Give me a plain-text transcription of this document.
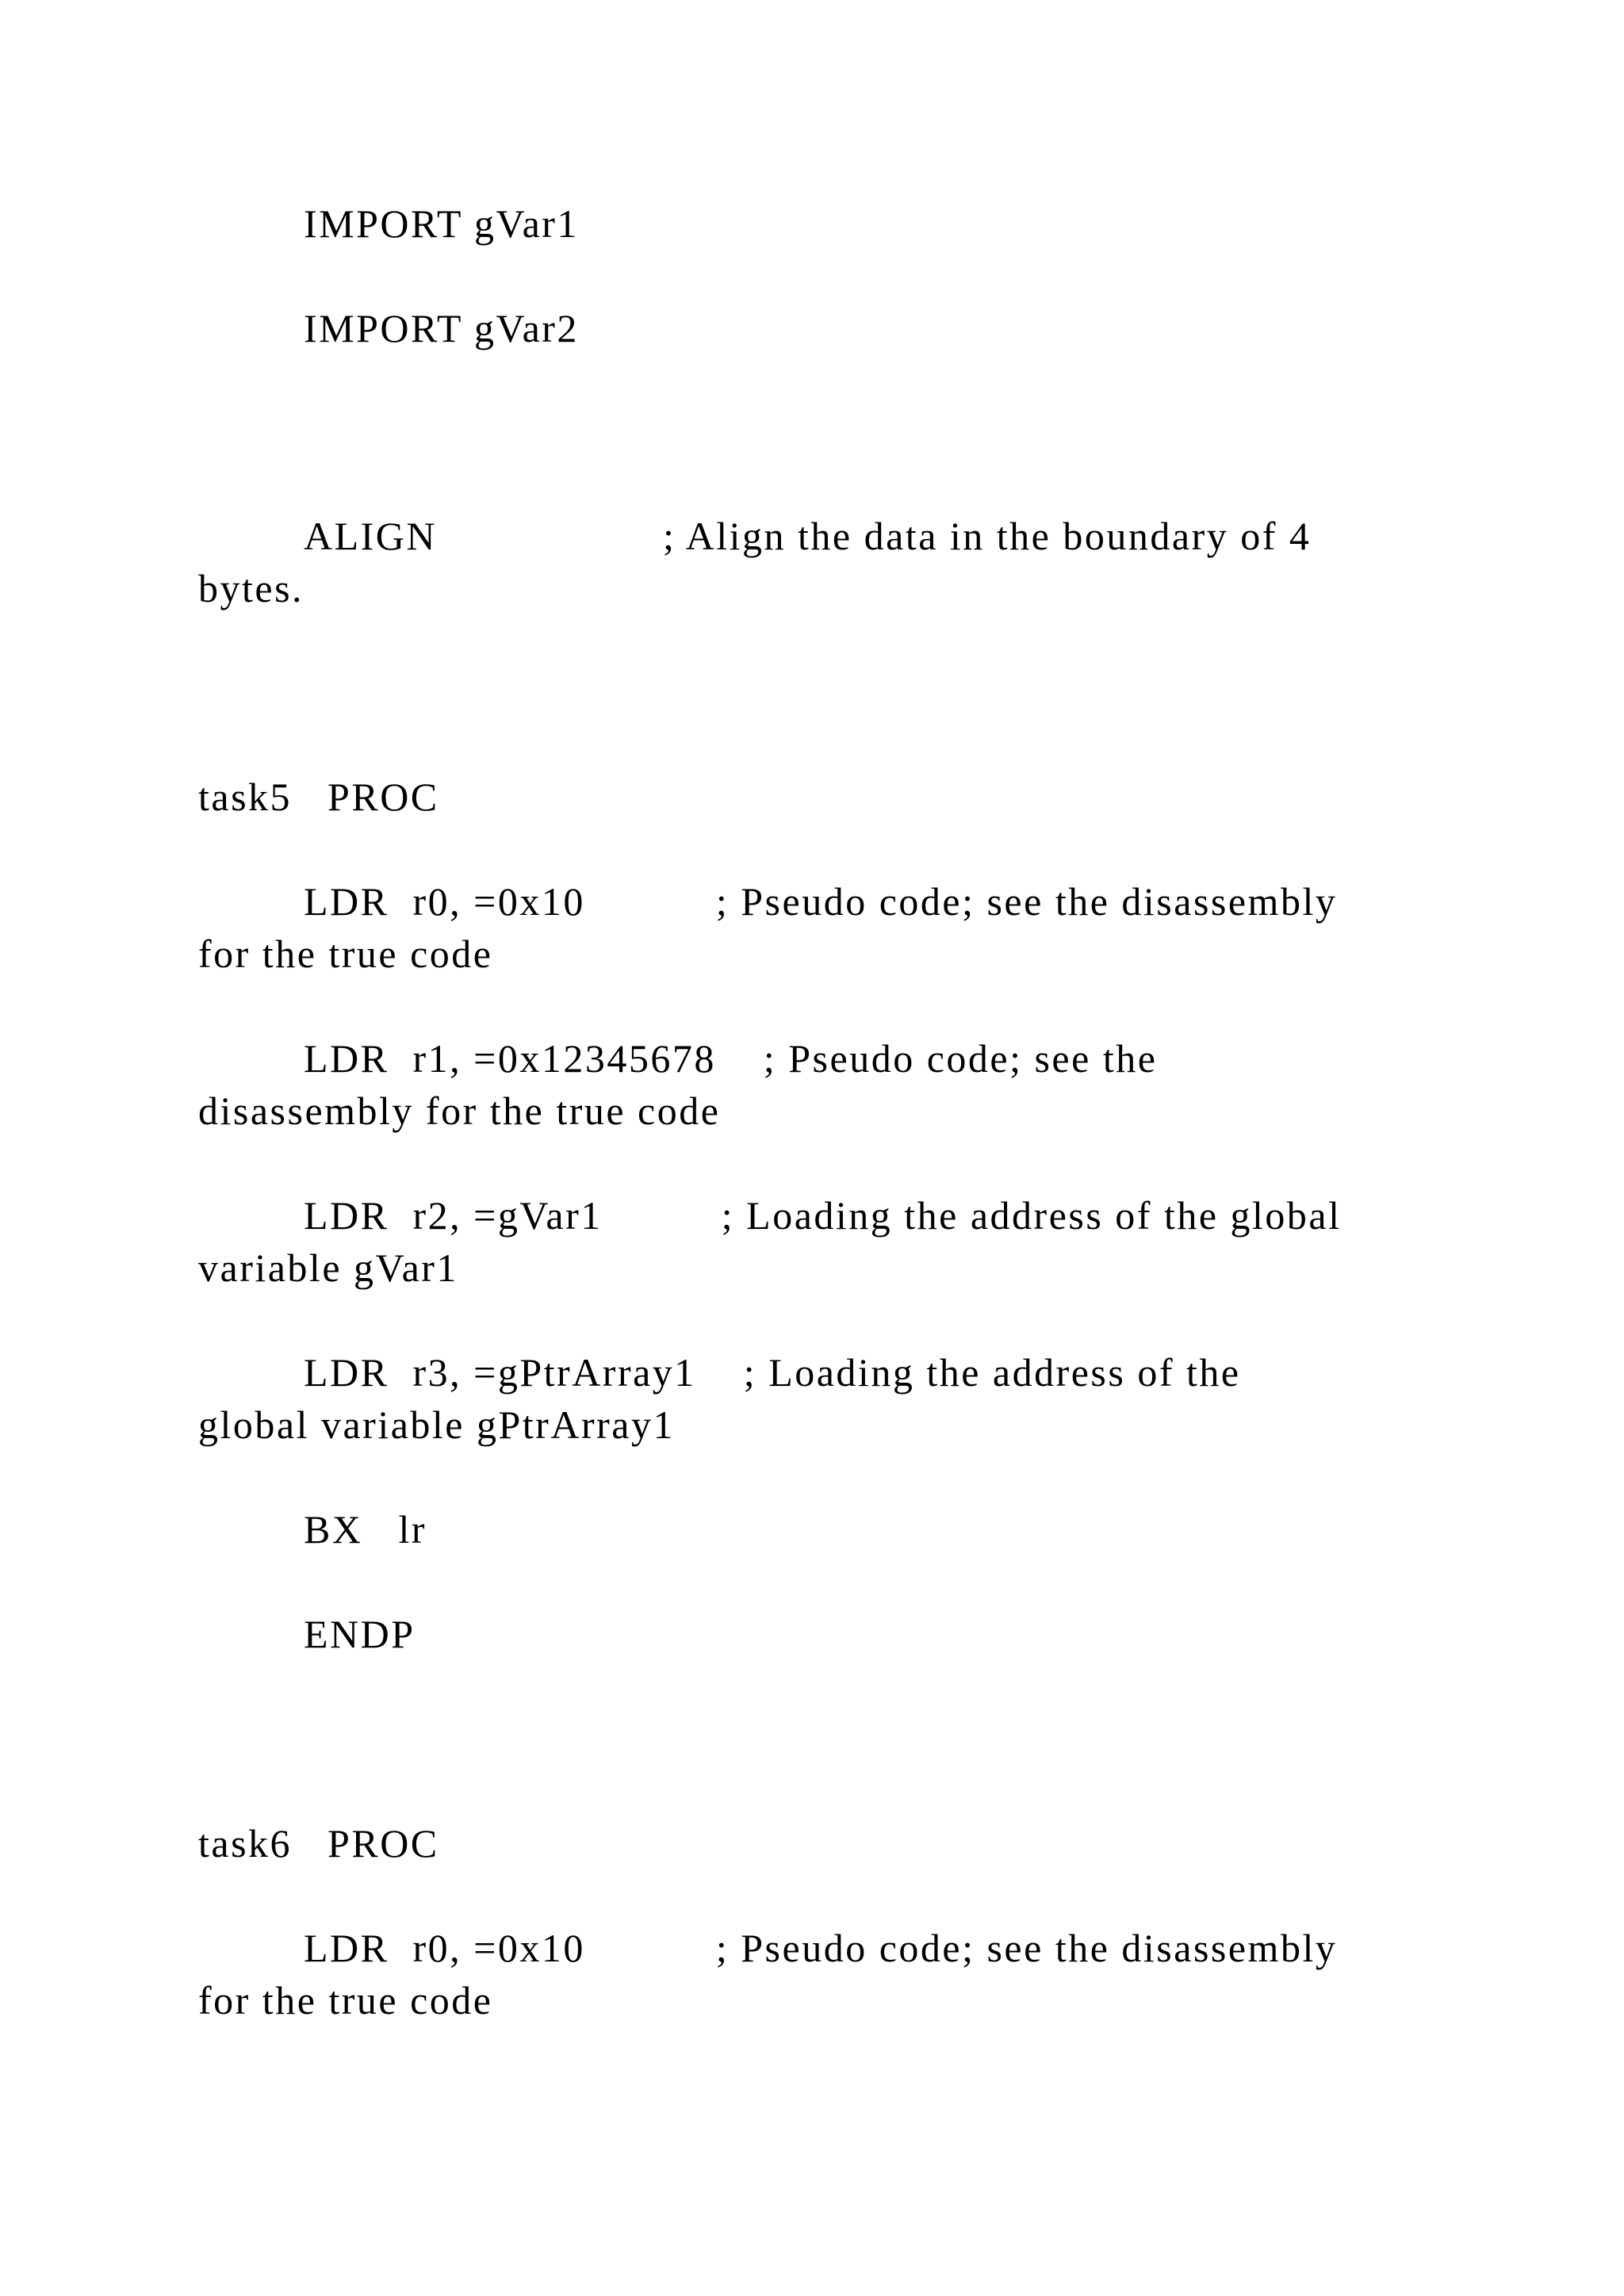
IMPORT gVar1
IMPORT gVar2
ALIGN                   ; Align the data in the boundary of 4
bytes.
task5   PROC
LDR  r0, =0x10           ; Pseudo code; see the disassembly
for the true code
LDR  r1, =0x12345678    ; Pseudo code; see the
disassembly for the true code
LDR  r2, =gVar1          ; Loading the address of the global
variable gVar1
LDR  r3, =gPtrArray1    ; Loading the address of the
global variable gPtrArray1
BX   lr
ENDP
task6   PROC
LDR  r0, =0x10           ; Pseudo code; see the disassembly
for the true code
